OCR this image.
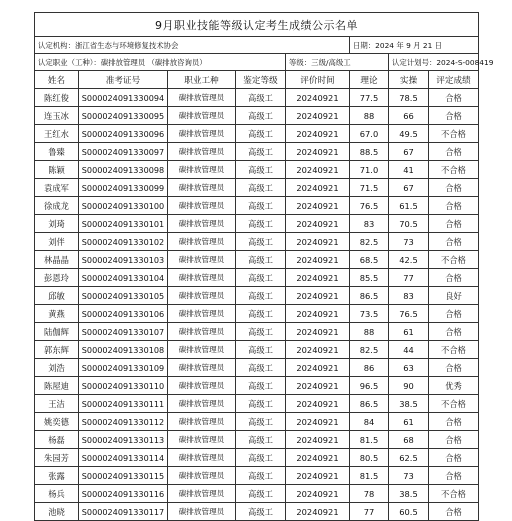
9月职业技能等级认定考生成绩公示名单							
认定机构：浙江省生态与环境修复技术协会					日期：2024 年 9 月 21 日		
认定职业（工种）：碳排放管理员 （碳排放咨询员）				等级：三级/高级工		认定计划号：2024-S-008419	
姓名	准考证号	职业工种	鉴定等级	评价时间	理论	实操	评定成绩
陈红俊	S000024091330094	碳排放管理员	高级工	20240921	77.5	78.5	合格
连玉冰	S000024091330095	碳排放管理员	高级工	20240921	88	66	合格
王红水	S000024091330096	碳排放管理员	高级工	20240921	67.0	49.5	不合格
鲁臻	S000024091330097	碳排放管理员	高级工	20240921	88.5	67	合格
陈颖	S000024091330098	碳排放管理员	高级工	20240921	71.0	41	不合格
袁成军	S000024091330099	碳排放管理员	高级工	20240921	71.5	67	合格
徐成龙	S000024091330100	碳排放管理员	高级工	20240921	76.5	61.5	合格
刘琦	S000024091330101	碳排放管理员	高级工	20240921	83	70.5	合格
刘伴	S000024091330102	碳排放管理员	高级工	20240921	82.5	73	合格
林晶晶	S000024091330103	碳排放管理员	高级工	20240921	68.5	42.5	不合格
彭恩玲	S000024091330104	碳排放管理员	高级工	20240921	85.5	77	合格
邱敏	S000024091330105	碳排放管理员	高级工	20240921	86.5	83	良好
黄燕	S000024091330106	碳排放管理员	高级工	20240921	73.5	76.5	合格
陆伽辉	S000024091330107	碳排放管理员	高级工	20240921	88	61	合格
郭东辉	S000024091330108	碳排放管理员	高级工	20240921	82.5	44	不合格
刘浩	S000024091330109	碳排放管理员	高级工	20240921	86	63	合格
陈屋迪	S000024091330110	碳排放管理员	高级工	20240921	96.5	90	优秀
王洁	S000024091330111	碳排放管理员	高级工	20240921	86.5	38.5	不合格
姚奕德	S000024091330112	碳排放管理员	高级工	20240921	84	61	合格
杨磊	S000024091330113	碳排放管理员	高级工	20240921	81.5	68	合格
朱园芳	S000024091330114	碳排放管理员	高级工	20240921	80.5	62.5	合格
张露	S000024091330115	碳排放管理员	高级工	20240921	81.5	73	合格
杨兵	S000024091330116	碳排放管理员	高级工	20240921	78	38.5	不合格
池晓	S000024091330117	碳排放管理员	高级工	20240921	77	60.5	合格
